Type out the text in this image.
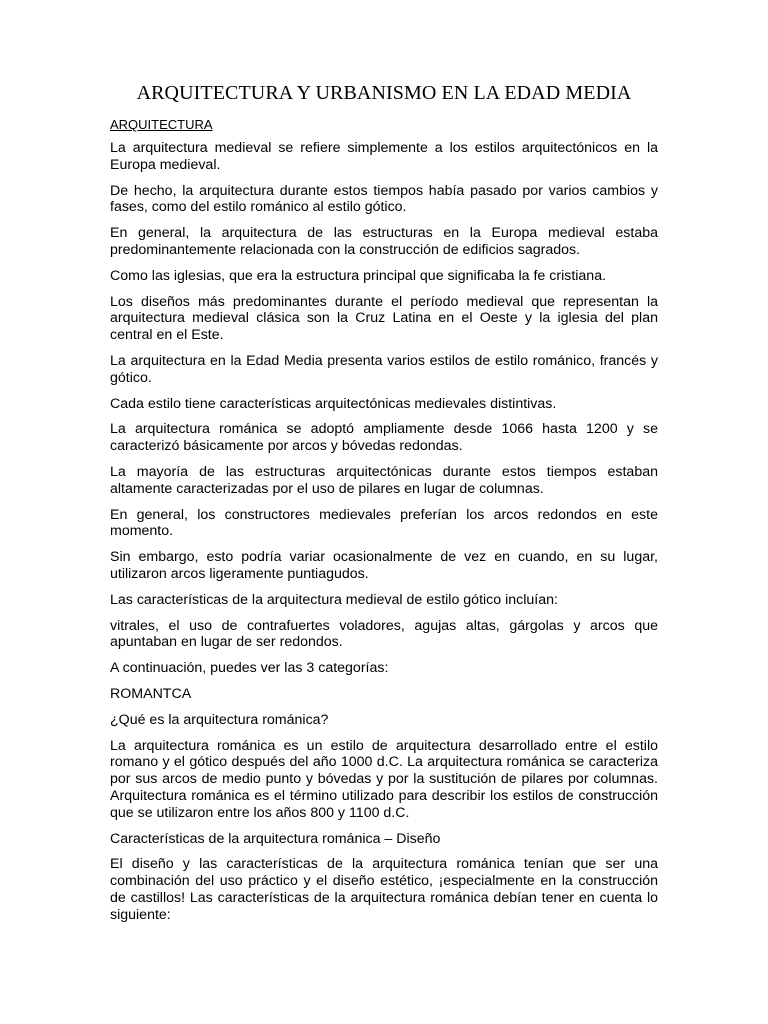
ARQUITECTURA Y URBANISMO EN LA EDAD MEDIA
ARQUITECTURA

La arquitectura medieval se refiere simplemente a los estilos arquitectónicos en la Europa medieval.

De hecho, la arquitectura durante estos tiempos había pasado por varios cambios y fases, como del estilo románico al estilo gótico.

En general, la arquitectura de las estructuras en la Europa medieval estaba predominantemente relacionada con la construcción de edificios sagrados.

Como las iglesias, que era la estructura principal que significaba la fe cristiana.

Los diseños más predominantes durante el período medieval que representan la arquitectura medieval clásica son la Cruz Latina en el Oeste y la iglesia del plan central en el Este.

La arquitectura en la Edad Media presenta varios estilos de estilo románico, francés y gótico.

Cada estilo tiene características arquitectónicas medievales distintivas.

La arquitectura románica se adoptó ampliamente desde 1066 hasta 1200 y se caracterizó básicamente por arcos y bóvedas redondas.

La mayoría de las estructuras arquitectónicas durante estos tiempos estaban altamente caracterizadas por el uso de pilares en lugar de columnas.

En general, los constructores medievales preferían los arcos redondos en este momento.

Sin embargo, esto podría variar ocasionalmente de vez en cuando, en su lugar, utilizaron arcos ligeramente puntiagudos.

Las características de la arquitectura medieval de estilo gótico incluían:

vitrales, el uso de contrafuertes voladores, agujas altas, gárgolas y arcos que apuntaban en lugar de ser redondos.

A continuación, puedes ver las 3 categorías:

ROMANTCA

¿Qué es la arquitectura románica?

La arquitectura románica es un estilo de arquitectura desarrollado entre el estilo romano y el gótico después del año 1000 d.C. La arquitectura románica se caracteriza por sus arcos de medio punto y bóvedas y por la sustitución de pilares por columnas. Arquitectura románica es el término utilizado para describir los estilos de construcción que se utilizaron entre los años 800 y 1100 d.C.

Características de la arquitectura románica – Diseño

El diseño y las características de la arquitectura románica tenían que ser una combinación del uso práctico y el diseño estético, ¡especialmente en la construcción de castillos! Las características de la arquitectura románica debían tener en cuenta lo siguiente:
